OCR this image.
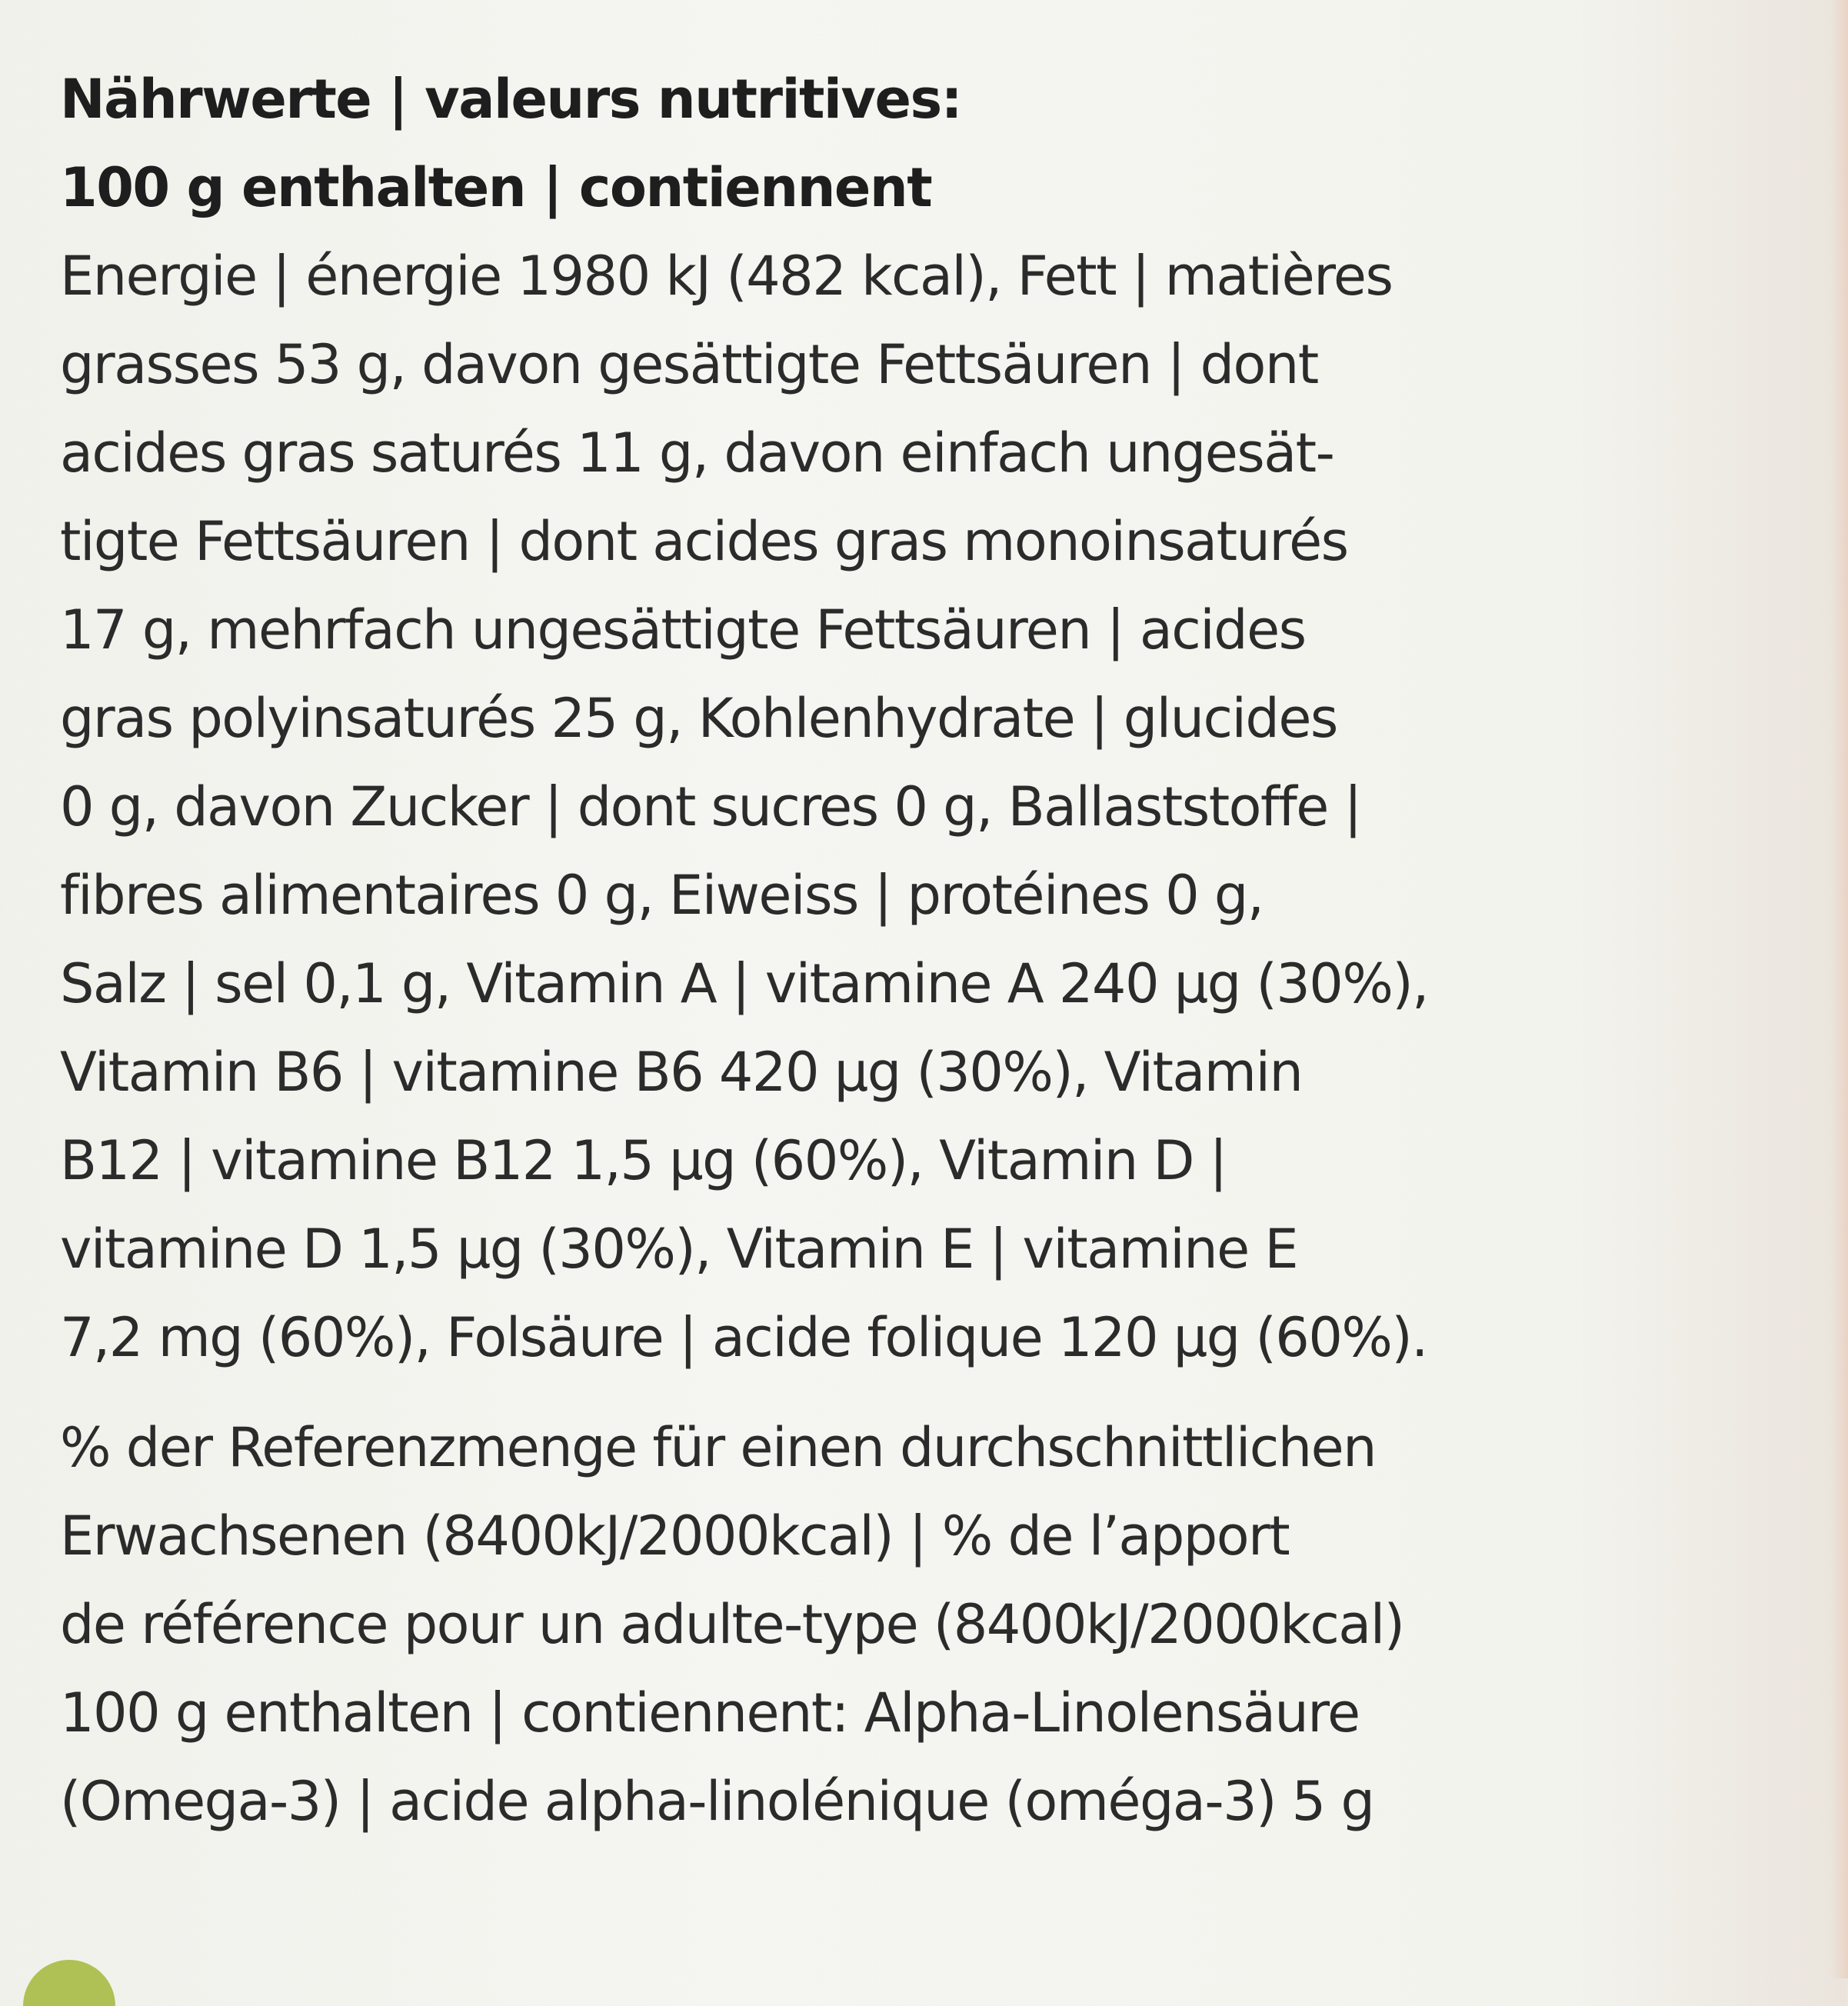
Nährwerte | valeurs nutritives:
100 g enthalten | contiennent
Energie | énergie 1980 kJ (482 kcal), Fett | matières
grasses 53 g, davon gesättigte Fettsäuren | dont
acides gras saturés 11 g, davon einfach ungesät-
tigte Fettsäuren | dont acides gras monoinsaturés
17 g, mehrfach ungesättigte Fettsäuren | acides
gras polyinsaturés 25 g, Kohlenhydrate | glucides
0 g, davon Zucker | dont sucres 0 g, Ballaststoffe |
fibres alimentaires 0 g, Eiweiss | protéines 0 g,
Salz | sel 0,1 g, Vitamin A | vitamine A 240 µg (30%),
Vitamin B6 | vitamine B6 420 µg (30%), Vitamin
B12 | vitamine B12 1,5 µg (60%), Vitamin D |
vitamine D 1,5 µg (30%), Vitamin E | vitamine E
7,2 mg (60%), Folsäure | acide folique 120 µg (60%).
% der Referenzmenge für einen durchschnittlichen
Erwachsenen (8400kJ/2000kcal) | % de l’apport
de référence pour un adulte-type (8400kJ/2000kcal)
100 g enthalten | contiennent: Alpha-Linolensäure
(Omega-3) | acide alpha-linolénique (oméga-3) 5 g
